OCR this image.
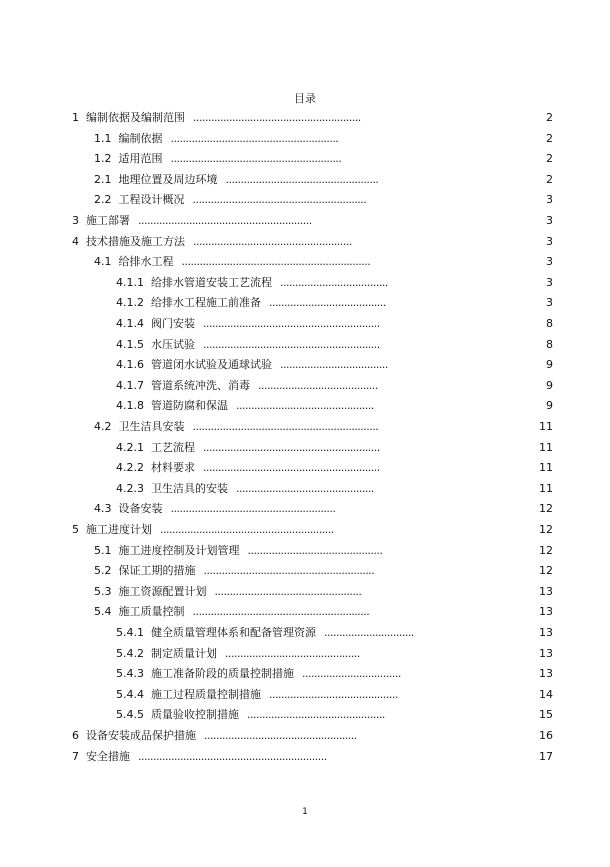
目录
1 编制依据及编制范围 ........................................................	2
1.1 编制依据 ........................................................	2
1.2 适用范围 .........................................................	2
2.1 地理位置及周边环境 ...................................................	2
2.2 工程设计概况 ..........................................................	3
3 施工部署 ..........................................................	3
4 技术措施及施工方法 .....................................................	3
4.1 给排水工程 ...............................................................	3
4.1.1 给排水管道安装工艺流程 ....................................	3
4.1.2 给排水工程施工前准备 .......................................	3
4.1.4 阀门安装 ...........................................................	8
4.1.5 水压试验 ...........................................................	8
4.1.6 管道闭水试验及通球试验 ....................................	9
4.1.7 管道系统冲洗、消毒 ........................................	9
4.1.8 管道防腐和保温 ..............................................	9
4.2 卫生洁具安装 ..............................................................	11
4.2.1 工艺流程 ...........................................................	11
4.2.2 材料要求 ...........................................................	11
4.2.3 卫生洁具的安装 ..............................................	11
4.3 设备安装 .......................................................	12
5 施工进度计划 ..........................................................	12
5.1 施工进度控制及计划管理 .............................................	12
5.2 保证工期的措施 .........................................................	12
5.3 施工资源配置计划 .................................................	13
5.4 施工质量控制 ...........................................................	13
5.4.1 健全质量管理体系和配备管理资源 ..............................	13
5.4.2 制定质量计划 .............................................	13
5.4.3 施工准备阶段的质量控制措施 .................................	13
5.4.4 施工过程质量控制措施 ...........................................	14
5.4.5 质量验收控制措施 ..............................................	15
6 设备安装成品保护措施 ...................................................	16
7 安全措施 ...............................................................	17
1
